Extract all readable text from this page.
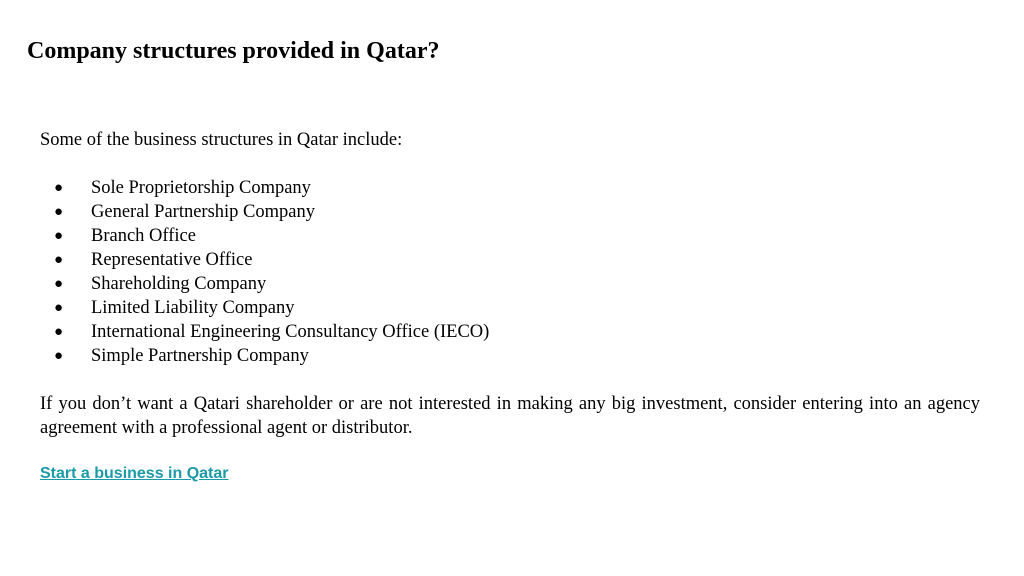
Company structures provided in Qatar?

Some of the business structures in Qatar include:

● Sole Proprietorship Company
● General Partnership Company
● Branch Office
● Representative Office
● Shareholding Company
● Limited Liability Company
● International Engineering Consultancy Office (IECO)
● Simple Partnership Company

If you don’t want a Qatari shareholder or are not interested in making any big investment, consider entering into an agency agreement with a professional agent or distributor.

Start a business in Qatar
